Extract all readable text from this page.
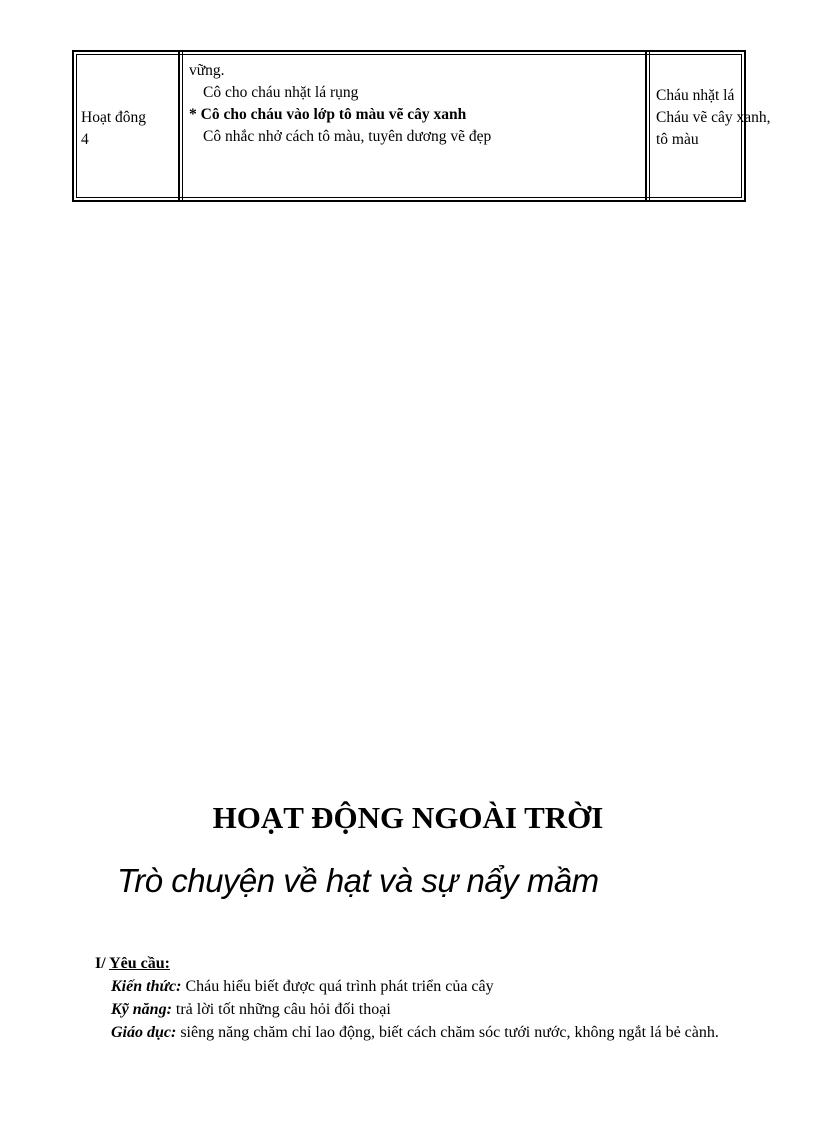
Hoạt đông
4
vững.
Cô cho cháu nhặt lá rụng
* Cô cho cháu vào lớp tô màu vẽ cây xanh
Cô nhắc nhở cách tô màu, tuyên dương vẽ đẹp
Cháu nhặt lá
Cháu vẽ cây xanh,
tô màu
HOẠT ĐỘNG NGOÀI TRỜI
Trò chuyện về hạt và sự nẩy mầm
I/ Yêu cầu:
Kiến thức: Cháu hiểu biết được quá trình phát triển của cây
Kỹ năng: trả lời tốt những câu hỏi đối thoại
Giáo dục: siêng năng chăm chỉ lao động, biết cách chăm sóc tưới nước, không ngắt lá bẻ cành.
